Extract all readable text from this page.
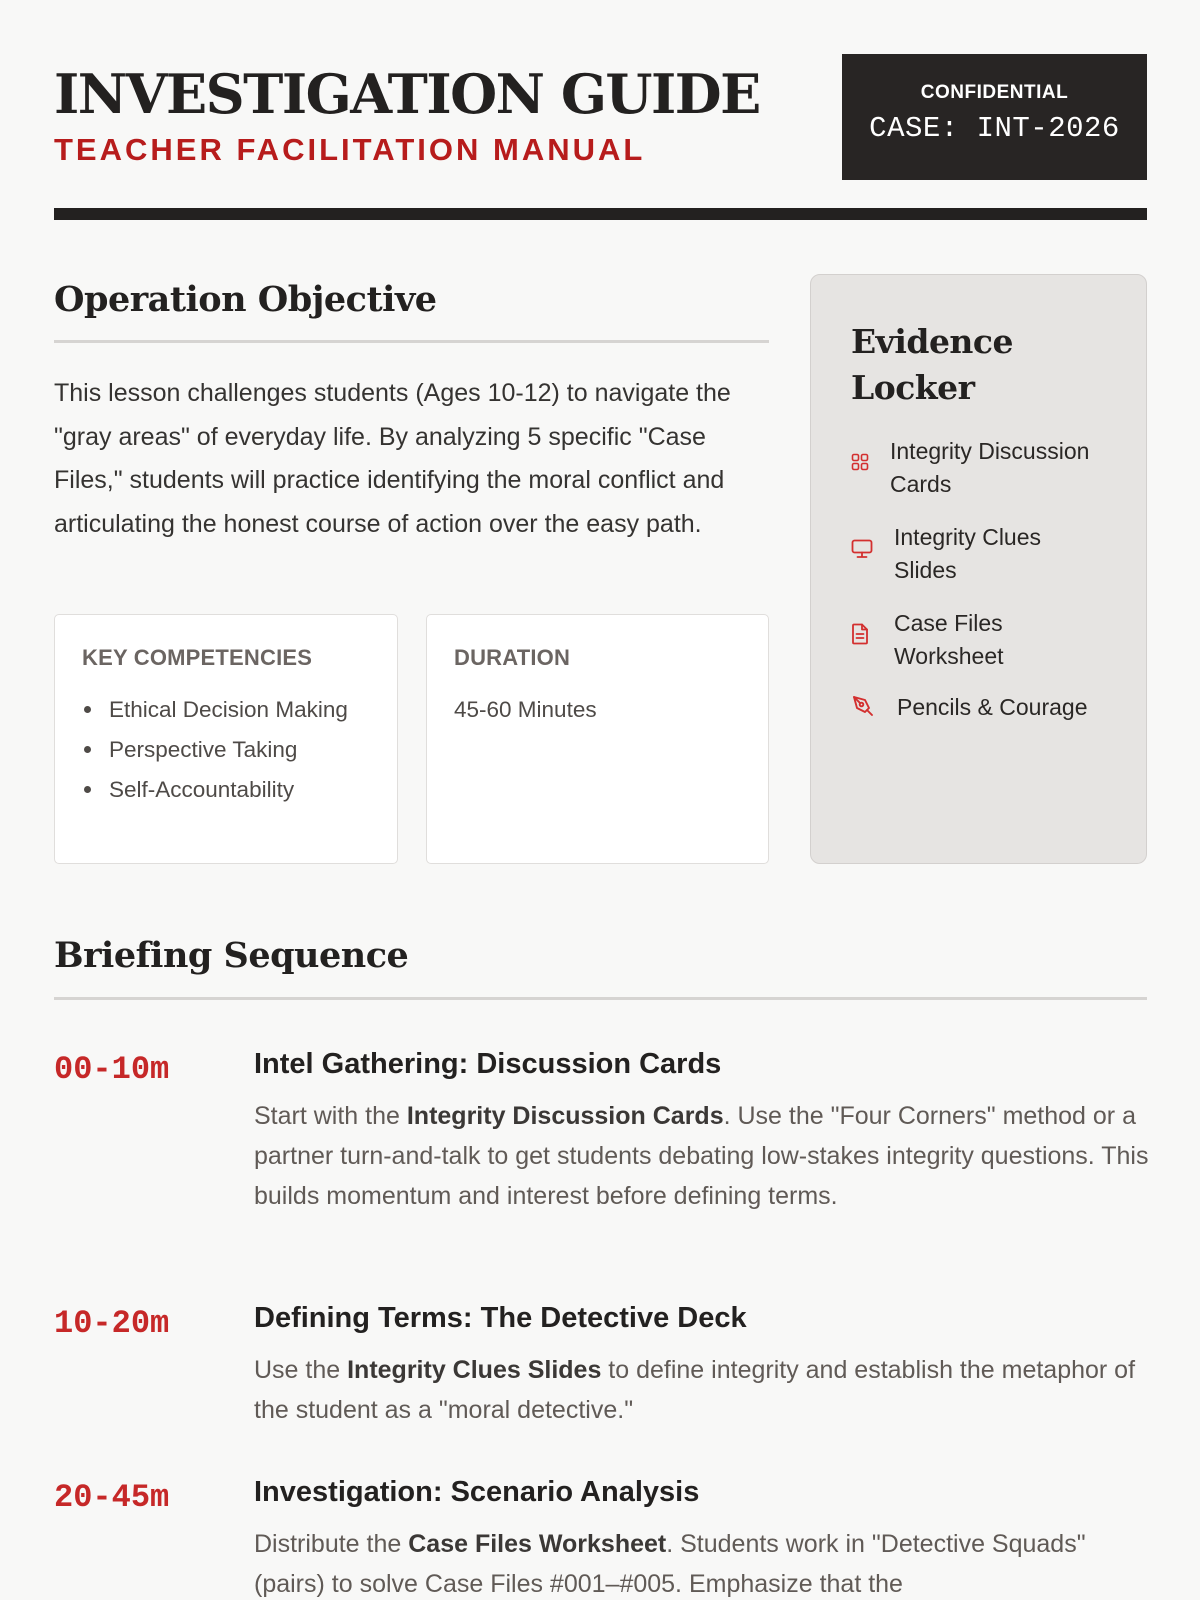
INVESTIGATION GUIDE
TEACHER FACILITATION MANUAL
CONFIDENTIAL
CASE: INT-2026
Operation Objective
This lesson challenges students (Ages 10-12) to navigate the "gray areas" of everyday life. By analyzing 5 specific "Case Files," students will practice identifying the moral conflict and articulating the honest course of action over the easy path.
KEY COMPETENCIES
Ethical Decision Making
Perspective Taking
Self-Accountability
DURATION
45-60 Minutes
Evidence Locker
Integrity Discussion Cards
Integrity Clues Slides
Case Files Worksheet
Pencils & Courage
Briefing Sequence
00-10m	Intel Gathering: Discussion Cards
Start with the Integrity Discussion Cards. Use the "Four Corners" method or a partner turn-and-talk to get students debating low-stakes integrity questions. This builds momentum and interest before defining terms.
10-20m	Defining Terms: The Detective Deck
Use the Integrity Clues Slides to define integrity and establish the metaphor of the student as a "moral detective."
20-45m	Investigation: Scenario Analysis
Distribute the Case Files Worksheet. Students work in "Detective Squads" (pairs) to solve Case Files #001–#005. Emphasize that the
